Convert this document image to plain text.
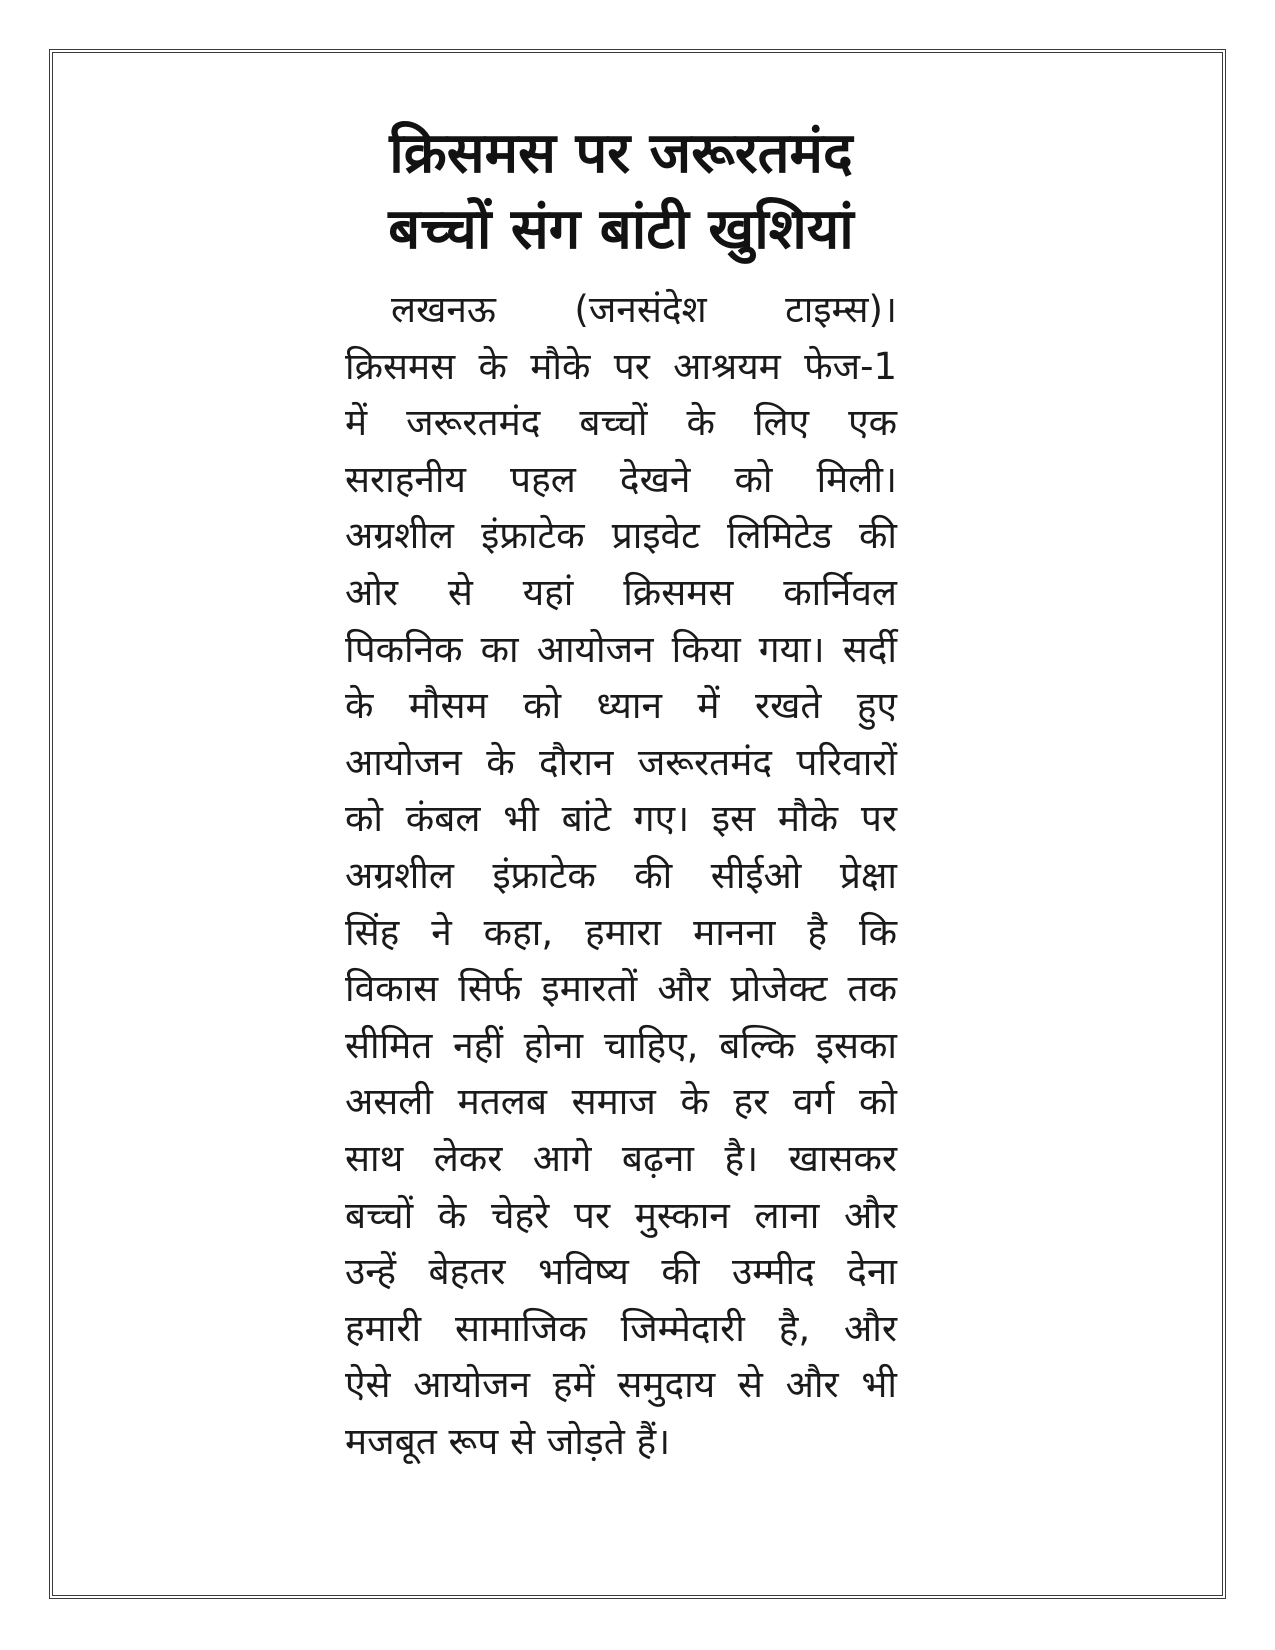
क्रिसमस पर जरूरतमंद
बच्चों संग बांटी खुशियां
लखनऊ (जनसंदेश टाइम्स)।
क्रिसमस के मौके पर आश्रयम फेज-1
में जरूरतमंद बच्चों के लिए एक
सराहनीय पहल देखने को मिली।
अग्रशील इंफ्राटेक प्राइवेट लिमिटेड की
ओर से यहां क्रिसमस कार्निवल
पिकनिक का आयोजन किया गया। सर्दी
के मौसम को ध्यान में रखते हुए
आयोजन के दौरान जरूरतमंद परिवारों
को कंबल भी बांटे गए। इस मौके पर
अग्रशील इंफ्राटेक की सीईओ प्रेक्षा
सिंह ने कहा, हमारा मानना है कि
विकास सिर्फ इमारतों और प्रोजेक्ट तक
सीमित नहीं होना चाहिए, बल्कि इसका
असली मतलब समाज के हर वर्ग को
साथ लेकर आगे बढ़ना है। खासकर
बच्चों के चेहरे पर मुस्कान लाना और
उन्हें बेहतर भविष्य की उम्मीद देना
हमारी सामाजिक जिम्मेदारी है, और
ऐसे आयोजन हमें समुदाय से और भी
मजबूत रूप से जोड़ते हैं।
